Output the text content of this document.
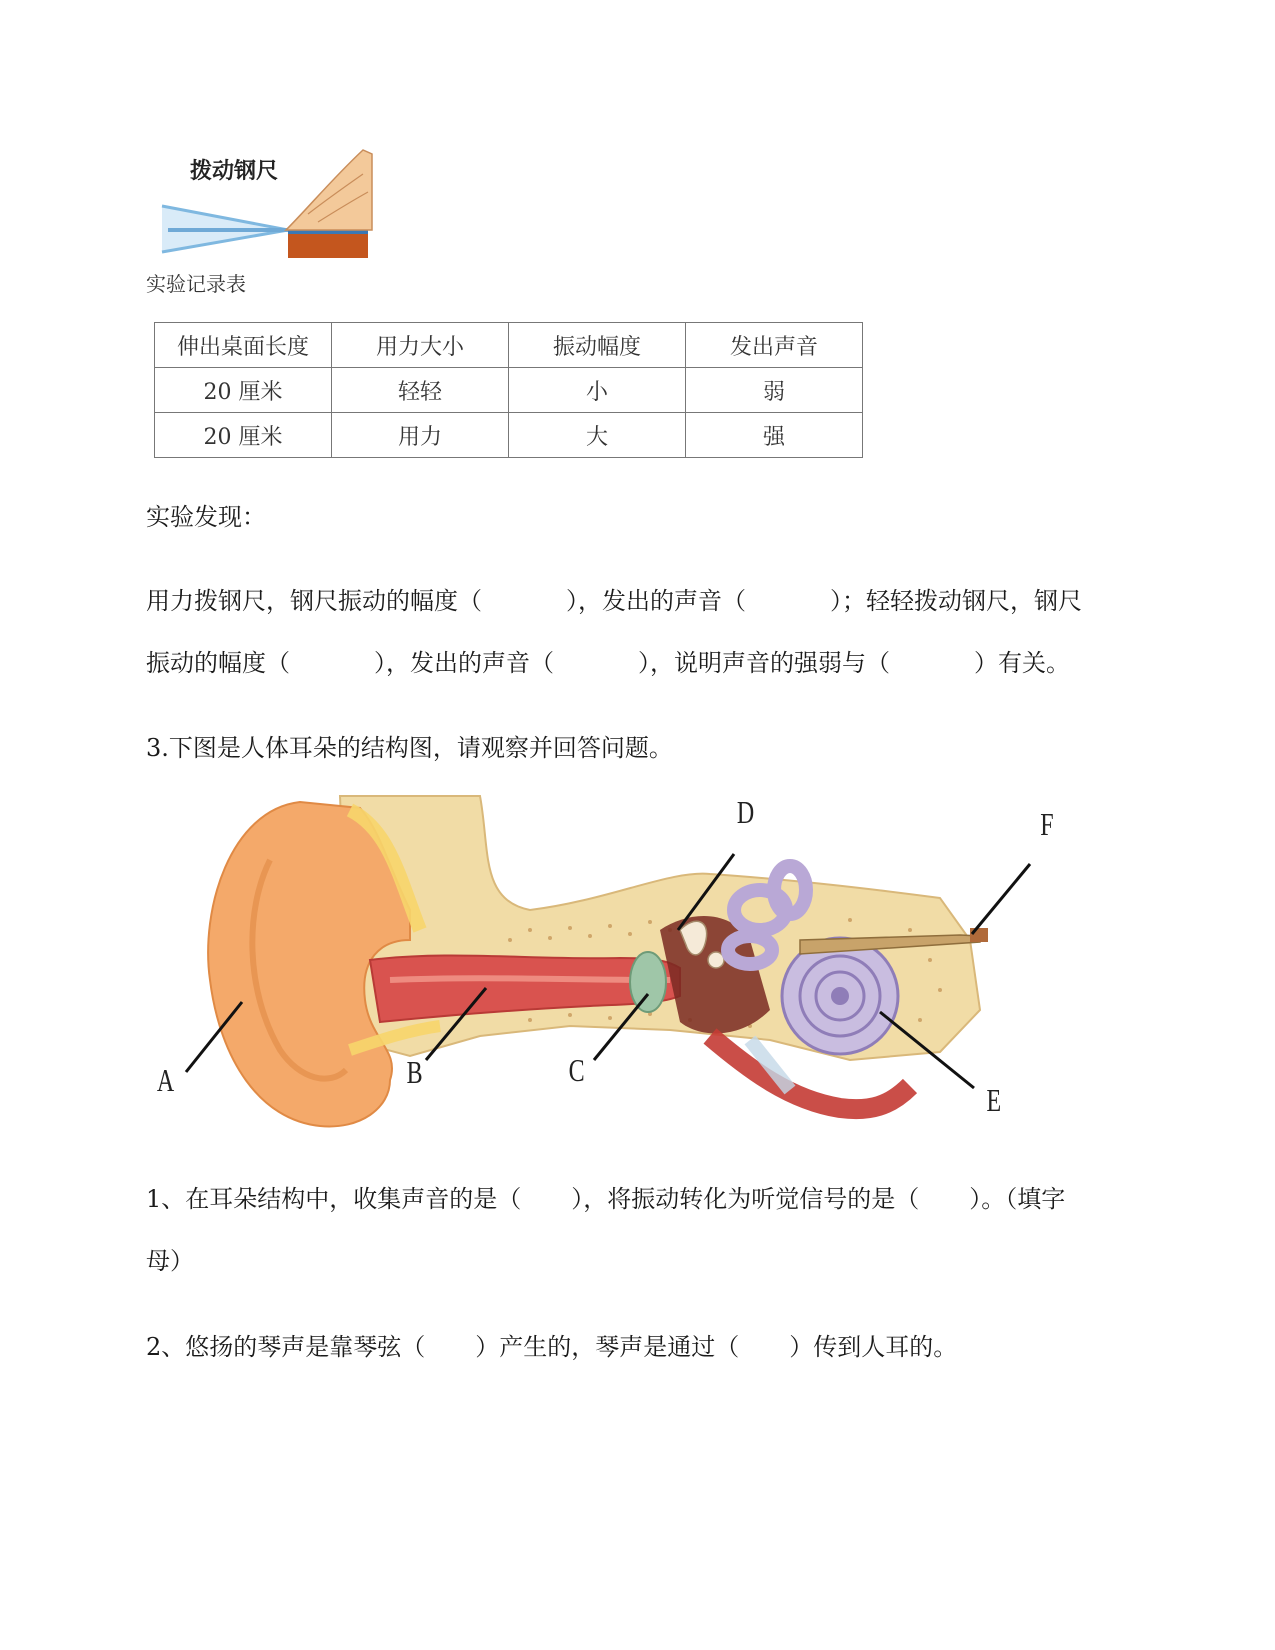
拨动钢尺
实验记录表
伸出桌面长度	用力大小	振动幅度	发出声音
20 厘米	轻轻	小	弱
20 厘米	用力	大	强
实验发现：
用力拨钢尺，钢尺振动的幅度（	），发出的声音（	）；轻轻拨动钢尺，钢尺
振动的幅度（	），发出的声音（	），说明声音的强弱与（	）有关。
3.下图是人体耳朵的结构图，请观察并回答问题。
A	B	C
D
E
F
1、在耳朵结构中，收集声音的是（ ），将振动转化为听觉信号的是（ ）。（填字
母）
2、悠扬的琴声是靠琴弦（ ）产生的，琴声是通过（ ）传到人耳的。
